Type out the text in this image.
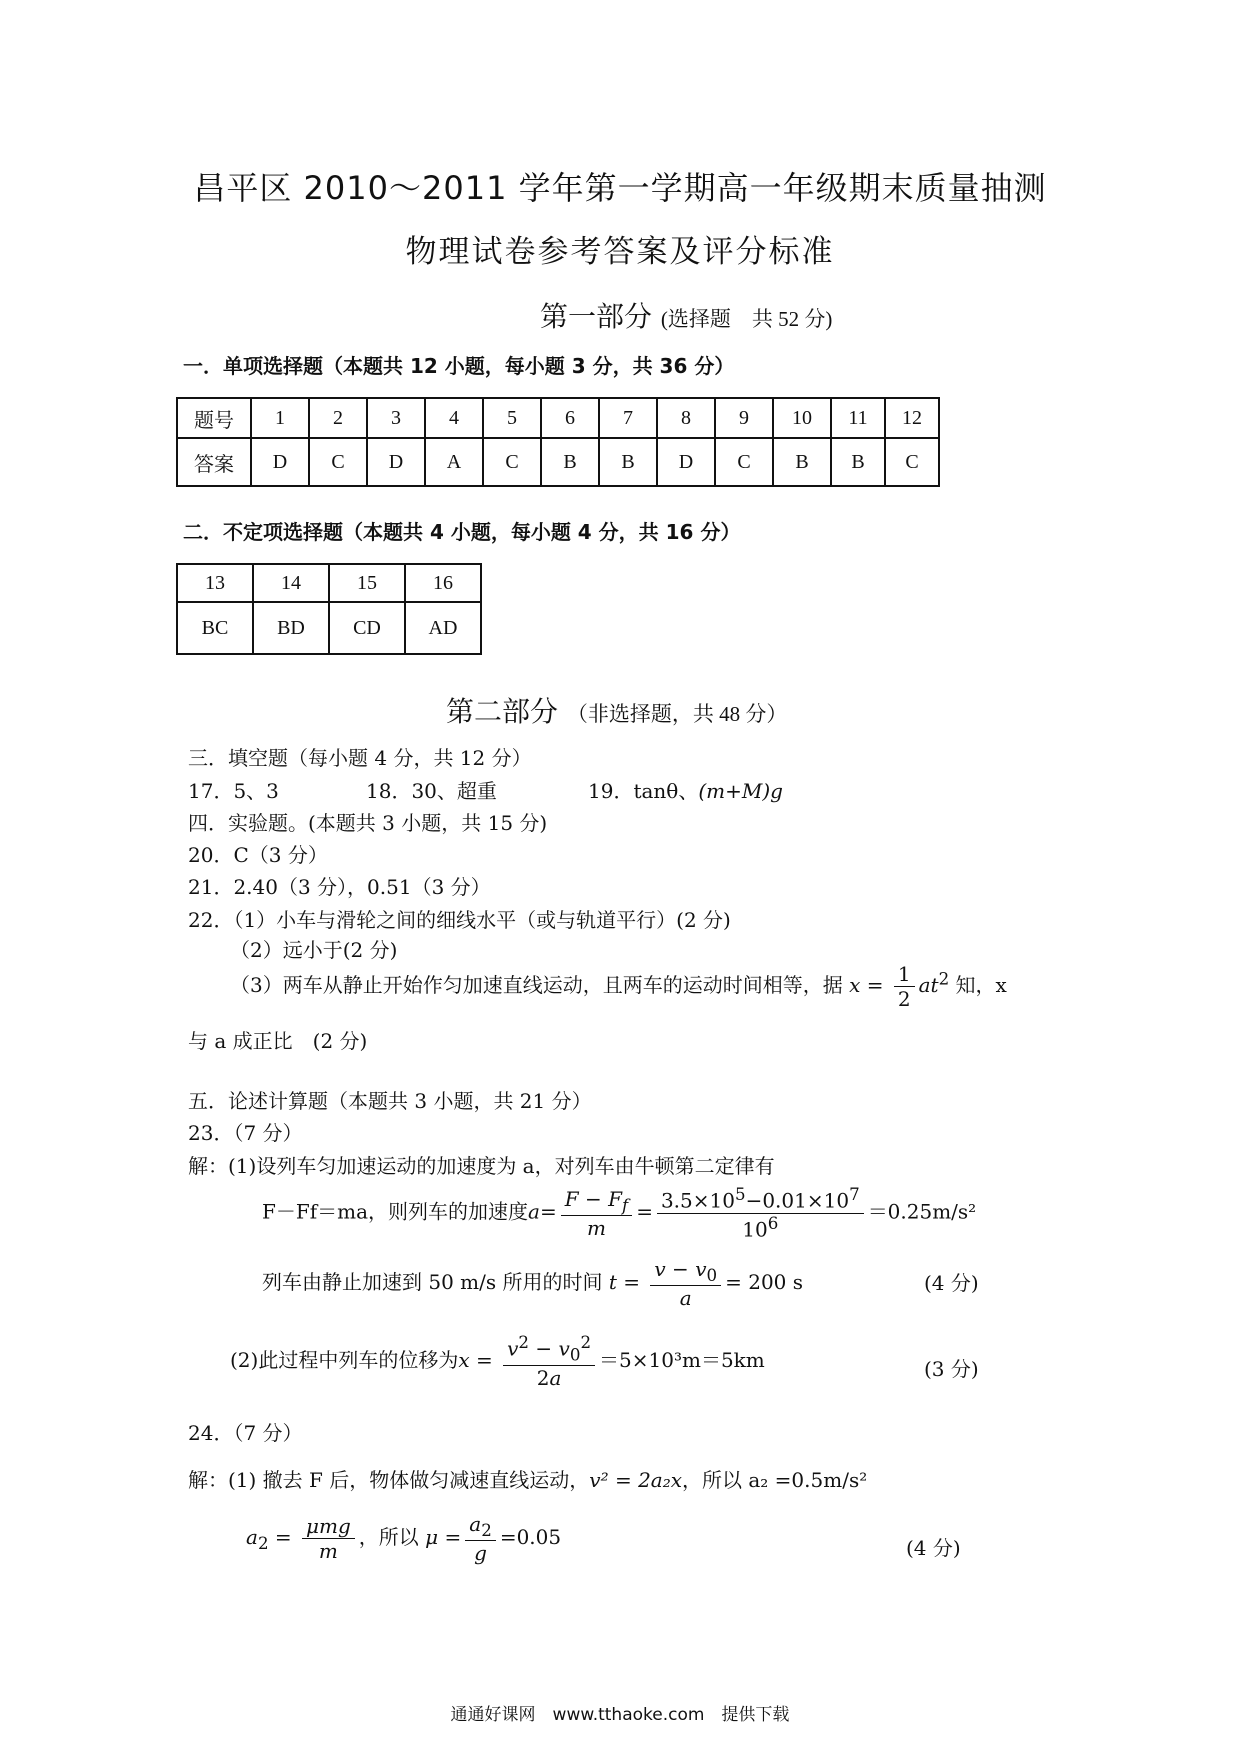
昌平区 2010～2011 学年第一学期高一年级期末质量抽测
物理试卷参考答案及评分标准
第一部分 (选择题　共 52 分)
一．单项选择题（本题共 12 小题，每小题 3 分，共 36 分）
题号	1	2	3	4	5	6	7	8	9	10	11	12
答案	D	C	D	A	C	B	B	D	C	B	B	C
二．不定项选择题（本题共 4 小题，每小题 4 分，共 16 分）
13	14	15	16
BC	BD	CD	AD
第二部分 （非选择题，共 48 分）
三．填空题（每小题 4 分，共 12 分）
17．5、3	18．30、超重	19．tanθ、(m+M)g
四．实验题。(本题共 3 小题，共 15 分)
20．C（3 分）
21．2.40（3 分），0.51（3 分）
22．（1）小车与滑轮之间的细线水平（或与轨道平行）(2 分)
（2）远小于(2 分)
（3）两车从静止开始作匀加速直线运动，且两车的运动时间相等，据 $x = \frac{1}{2} at^2$ 知，x
与 a 成正比　(2 分)
五．论述计算题（本题共 3 小题，共 21 分）
23．（7 分）
解：(1)设列车匀加速运动的加速度为 a，对列车由牛顿第二定律有
F－Ff＝ma，则列车的加速度$a= \frac{F - F_f}{m} = \frac{3.5\times 10^5-0.01\times 10^7}{10^6} =0.25m/s^2$
列车由静止加速到 50 m/s 所用的时间 $t = \frac{v - v_0}{a} = 200$ s	(4 分)
(2)此过程中列车的位移为$x = \frac{v^2 - v_0^2}{2a} =5\times 10^3m=5km$	(3 分)
24．（7 分）
解：(1) 撤去 F 后，物体做匀减速直线运动，v² = 2a₂x，所以 a₂ =0.5m/s²
$a_2 = \frac{\text{μmg}}{m}$ ，所以 $\mu = \frac{a_2}{g} =0.05$	(4 分)
通通好课网　www.tthaoke.com　提供下载
